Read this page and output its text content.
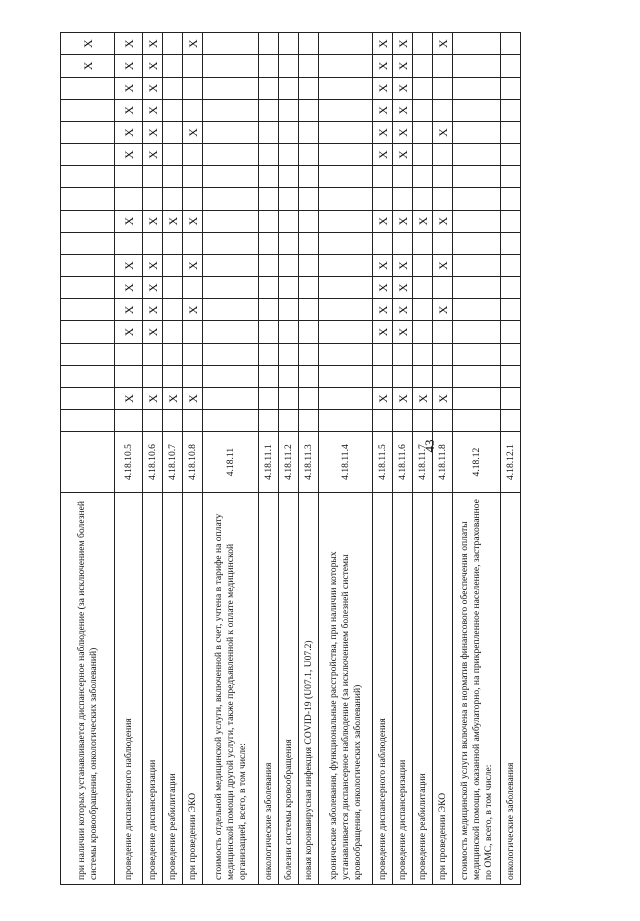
43
при наличии которых устанавливается диспансерное наблюдение (за исключением болезней системы кровообращения, онкологических заболеваний)																		X	X
проведение диспансерного наблюдения	4.18.10.5		X			X	X	X	X		X			X	X	X	X	X	X
проведение диспансеризации	4.18.10.6		X			X	X	X	X		X			X	X	X	X	X	X
проведение реабилитации	4.18.10.7		X								X								
при проведении ЭКО	4.18.10.8		X				X		X		X				X				X
стоимость отдельной медицинской услуги, включенной в счет, учтена в тарифе на оплату медицинской помощи другой услуги, также предъявленной к оплате медицинской организацией, всего, в том числе:	4.18.11																		
онкологические заболевания	4.18.11.1																		
болезни системы кровообращения	4.18.11.2																		
новая коронавирусная инфекция COVID-19 (U07.1, U07.2)	4.18.11.3																		
хронические заболевания, функциональные расстройства, при наличии которых устанавливается диспансерное наблюдение (за исключением болезней системы кровообращения, онкологических заболеваний)	4.18.11.4																		
проведение диспансерного наблюдения	4.18.11.5		X			X	X	X	X		X			X	X	X	X	X	X
проведение диспансеризации	4.18.11.6		X			X	X	X	X		X			X	X	X	X	X	X
проведение реабилитации	4.18.11.7		X								X								
при проведении ЭКО	4.18.11.8		X				X		X		X				X				X
стоимость медицинской услуги включена в норматив финансового обеспечения оплаты медицинской помощи, оказанной амбулаторно, на прикрепленное население, застрахованное по ОМС, всего, в том числе:	4.18.12																		
онкологические заболевания	4.18.12.1																		
